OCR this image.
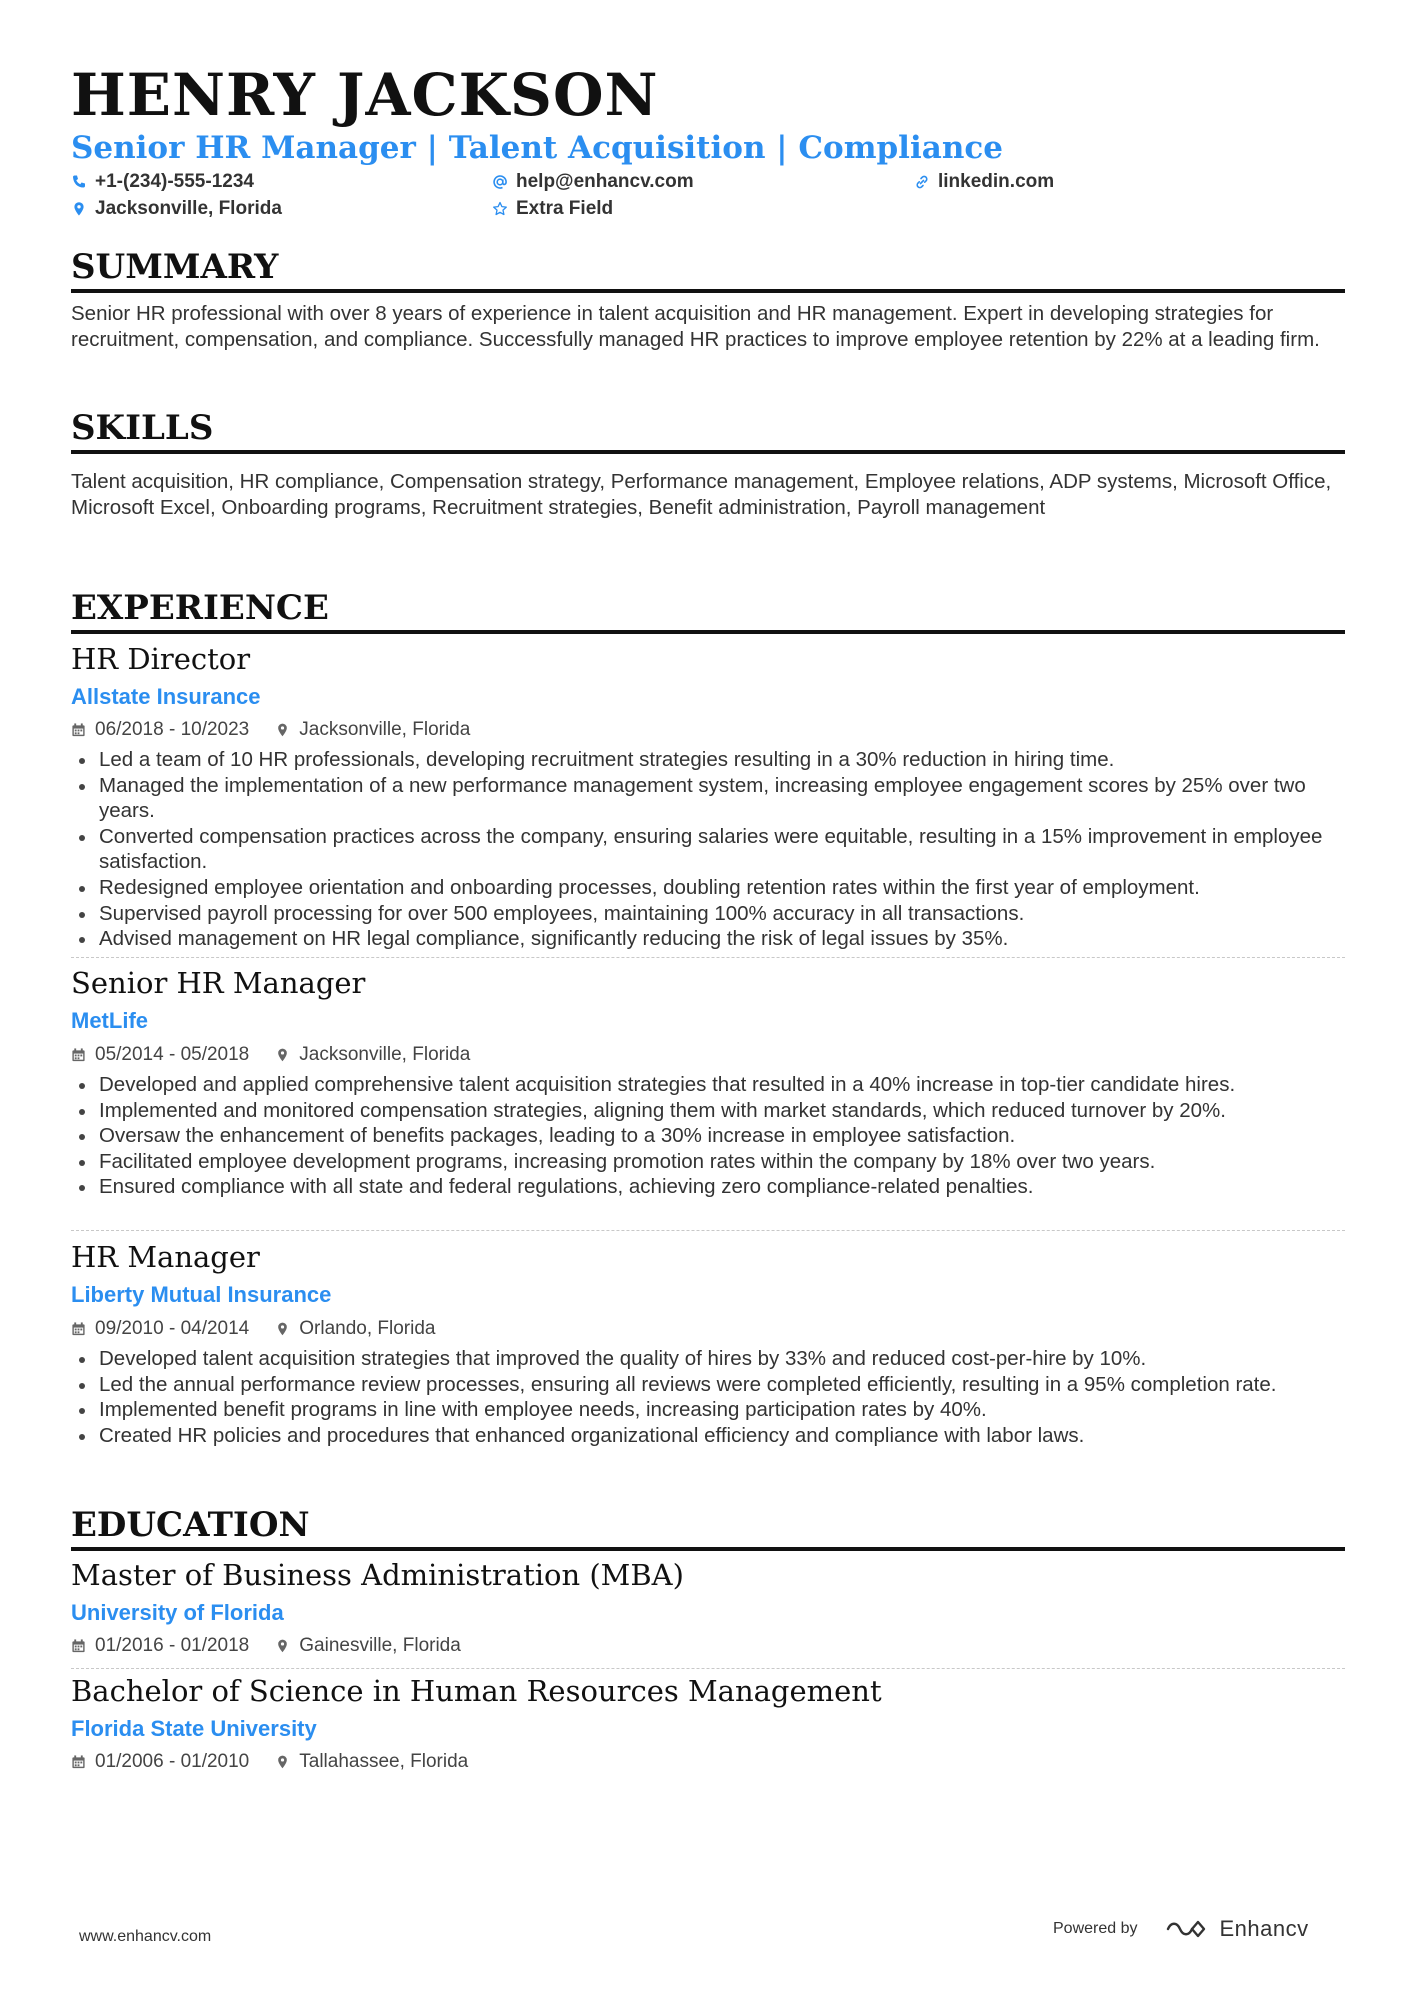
HENRY JACKSON
Senior HR Manager | Talent Acquisition | Compliance
+1-(234)-555-1234	help@enhancv.com	linkedin.com
Jacksonville, Florida	Extra Field
SUMMARY
Senior HR professional with over 8 years of experience in talent acquisition and HR management. Expert in developing strategies for recruitment, compensation, and compliance. Successfully managed HR practices to improve employee retention by 22% at a leading firm.
SKILLS
Talent acquisition, HR compliance, Compensation strategy, Performance management, Employee relations, ADP systems, Microsoft Office, Microsoft Excel, Onboarding programs, Recruitment strategies, Benefit administration, Payroll management
EXPERIENCE
HR Director
Allstate Insurance
06/2018 - 10/2023	Jacksonville, Florida
Led a team of 10 HR professionals, developing recruitment strategies resulting in a 30% reduction in hiring time.
Managed the implementation of a new performance management system, increasing employee engagement scores by 25% over two years.
Converted compensation practices across the company, ensuring salaries were equitable, resulting in a 15% improvement in employee satisfaction.
Redesigned employee orientation and onboarding processes, doubling retention rates within the first year of employment.
Supervised payroll processing for over 500 employees, maintaining 100% accuracy in all transactions.
Advised management on HR legal compliance, significantly reducing the risk of legal issues by 35%.
Senior HR Manager
MetLife
05/2014 - 05/2018	Jacksonville, Florida
Developed and applied comprehensive talent acquisition strategies that resulted in a 40% increase in top-tier candidate hires.
Implemented and monitored compensation strategies, aligning them with market standards, which reduced turnover by 20%.
Oversaw the enhancement of benefits packages, leading to a 30% increase in employee satisfaction.
Facilitated employee development programs, increasing promotion rates within the company by 18% over two years.
Ensured compliance with all state and federal regulations, achieving zero compliance-related penalties.
HR Manager
Liberty Mutual Insurance
09/2010 - 04/2014	Orlando, Florida
Developed talent acquisition strategies that improved the quality of hires by 33% and reduced cost-per-hire by 10%.
Led the annual performance review processes, ensuring all reviews were completed efficiently, resulting in a 95% completion rate.
Implemented benefit programs in line with employee needs, increasing participation rates by 40%.
Created HR policies and procedures that enhanced organizational efficiency and compliance with labor laws.
EDUCATION
Master of Business Administration (MBA)
University of Florida
01/2016 - 01/2018	Gainesville, Florida
Bachelor of Science in Human Resources Management
Florida State University
01/2006 - 01/2010	Tallahassee, Florida
www.enhancv.com	Powered by	Enhancv
